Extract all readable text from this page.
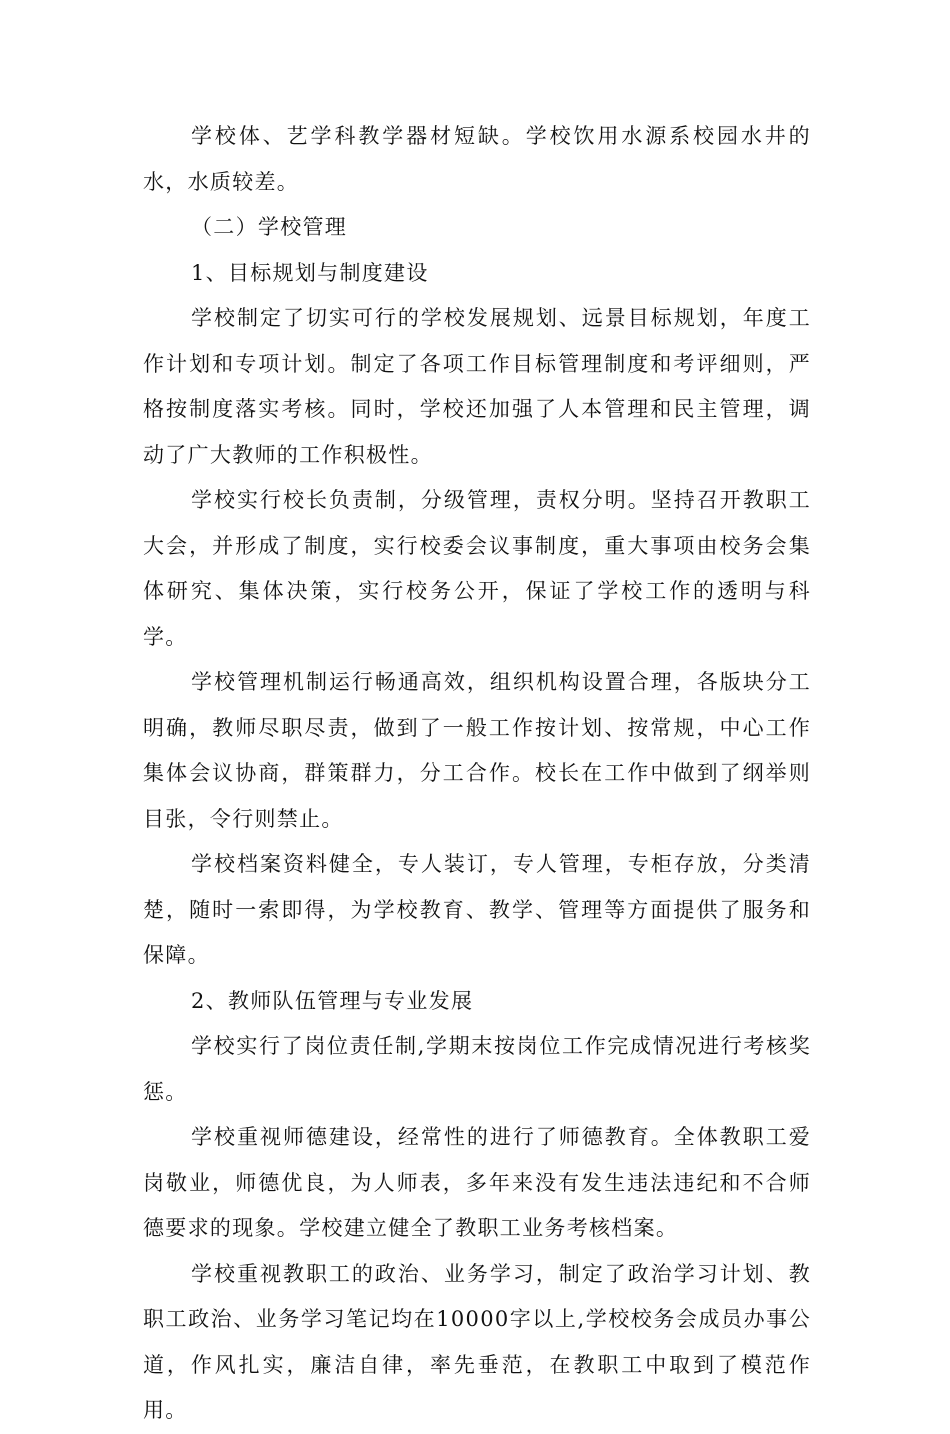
学校体、艺学科教学器材短缺。学校饮用水源系校园水井的水，水质较差。

（二）学校管理

1、目标规划与制度建设

学校制定了切实可行的学校发展规划、远景目标规划，年度工作计划和专项计划。制定了各项工作目标管理制度和考评细则，严格按制度落实考核。同时，学校还加强了人本管理和民主管理，调动了广大教师的工作积极性。

学校实行校长负责制，分级管理，责权分明。坚持召开教职工大会，并形成了制度，实行校委会议事制度，重大事项由校务会集体研究、集体决策，实行校务公开，保证了学校工作的透明与科学。

学校管理机制运行畅通高效，组织机构设置合理，各版块分工明确，教师尽职尽责，做到了一般工作按计划、按常规，中心工作集体会议协商，群策群力，分工合作。校长在工作中做到了纲举则目张，令行则禁止。

学校档案资料健全，专人装订，专人管理，专柜存放，分类清楚，随时一索即得，为学校教育、教学、管理等方面提供了服务和保障。

2、教师队伍管理与专业发展

学校实行了岗位责任制,学期末按岗位工作完成情况进行考核奖惩。

学校重视师德建设，经常性的进行了师德教育。全体教职工爱岗敬业，师德优良，为人师表，多年来没有发生违法违纪和不合师德要求的现象。学校建立健全了教职工业务考核档案。

学校重视教职工的政治、业务学习，制定了政治学习计划、教职工政治、业务学习笔记均在10000字以上,学校校务会成员办事公道，作风扎实，廉洁自律，率先垂范，在教职工中取到了模范作用。
